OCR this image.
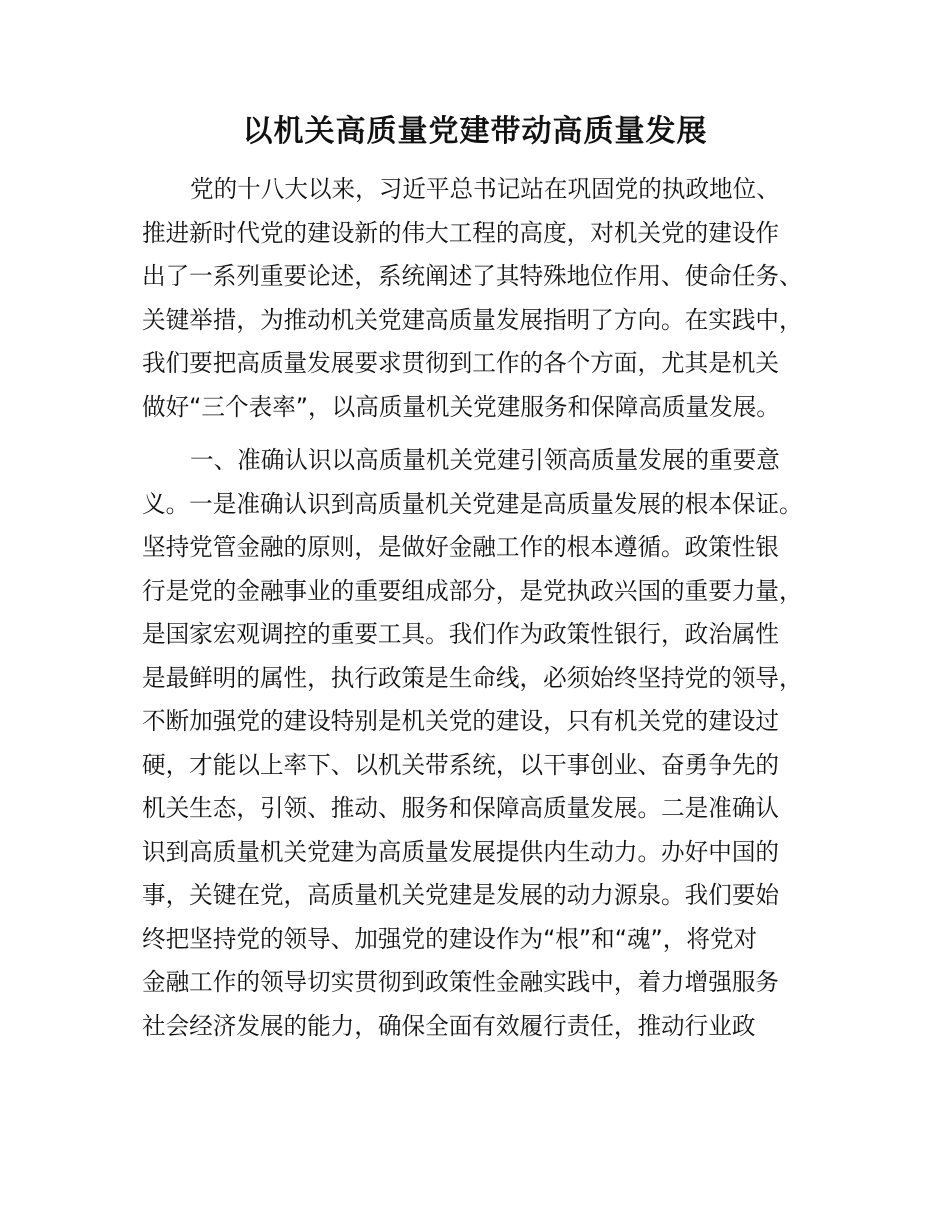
以机关高质量党建带动高质量发展
党的十八大以来，习近平总书记站在巩固党的执政地位、
推进新时代党的建设新的伟大工程的高度，对机关党的建设作
出了一系列重要论述，系统阐述了其特殊地位作用、使命任务、
关键举措，为推动机关党建高质量发展指明了方向。在实践中，
我们要把高质量发展要求贯彻到工作的各个方面，尤其是机关
做好“三个表率”，以高质量机关党建服务和保障高质量发展。
一、准确认识以高质量机关党建引领高质量发展的重要意
义。一是准确认识到高质量机关党建是高质量发展的根本保证。
坚持党管金融的原则，是做好金融工作的根本遵循。政策性银
行是党的金融事业的重要组成部分，是党执政兴国的重要力量，
是国家宏观调控的重要工具。我们作为政策性银行，政治属性
是最鲜明的属性，执行政策是生命线，必须始终坚持党的领导，
不断加强党的建设特别是机关党的建设，只有机关党的建设过
硬，才能以上率下、以机关带系统，以干事创业、奋勇争先的
机关生态，引领、推动、服务和保障高质量发展。二是准确认
识到高质量机关党建为高质量发展提供内生动力。办好中国的
事，关键在党，高质量机关党建是发展的动力源泉。我们要始
终把坚持党的领导、加强党的建设作为“根”和“魂”，将党对
金融工作的领导切实贯彻到政策性金融实践中，着力增强服务
社会经济发展的能力，确保全面有效履行责任，推动行业政
